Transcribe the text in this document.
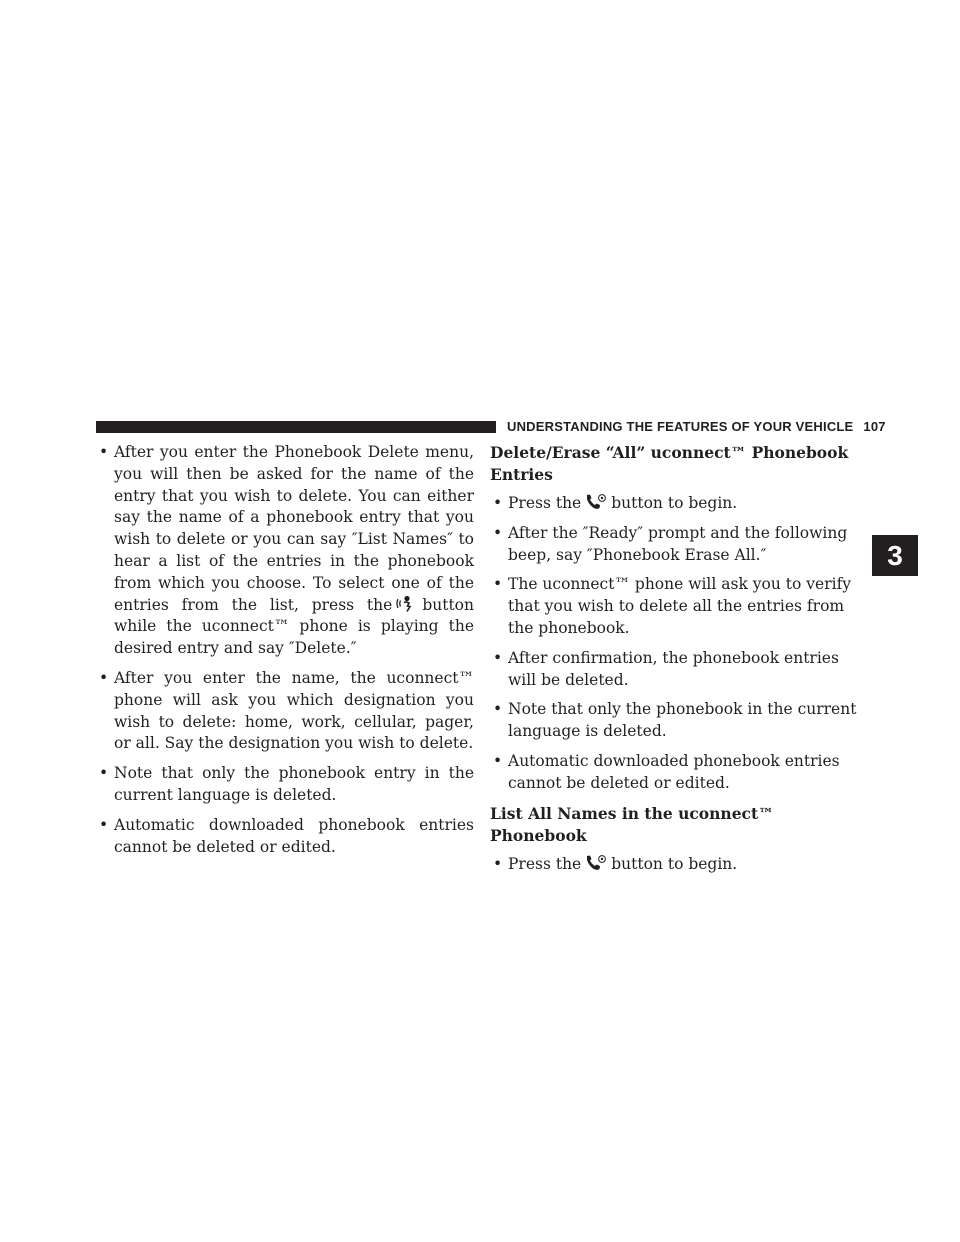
UNDERSTANDING THE FEATURES OF YOUR VEHICLE 107
3
• After you enter the Phonebook Delete menu, you will then be asked for the name of the entry that you wish to delete. You can either say the name of a phonebook entry that you wish to delete or you can say ″List Names″ to hear a list of the entries in the phonebook from which you choose. To select one of the entries from the list, press the button while the uconnect™ phone is playing the desired entry and say ″Delete.″
• After you enter the name, the uconnect™ phone will ask you which designation you wish to delete: home, work, cellular, pager, or all. Say the designation you wish to delete.
• Note that only the phonebook entry in the current language is deleted.
• Automatic downloaded phonebook entries cannot be deleted or edited.
Delete/Erase “All” uconnect™ Phonebook Entries
• Press the button to begin.
• After the ″Ready″ prompt and the following beep, say ″Phonebook Erase All.″
• The uconnect™ phone will ask you to verify that you wish to delete all the entries from the phonebook.
• After confirmation, the phonebook entries will be deleted.
• Note that only the phonebook in the current language is deleted.
• Automatic downloaded phonebook entries cannot be deleted or edited.
List All Names in the uconnect™ Phonebook
• Press the button to begin.
